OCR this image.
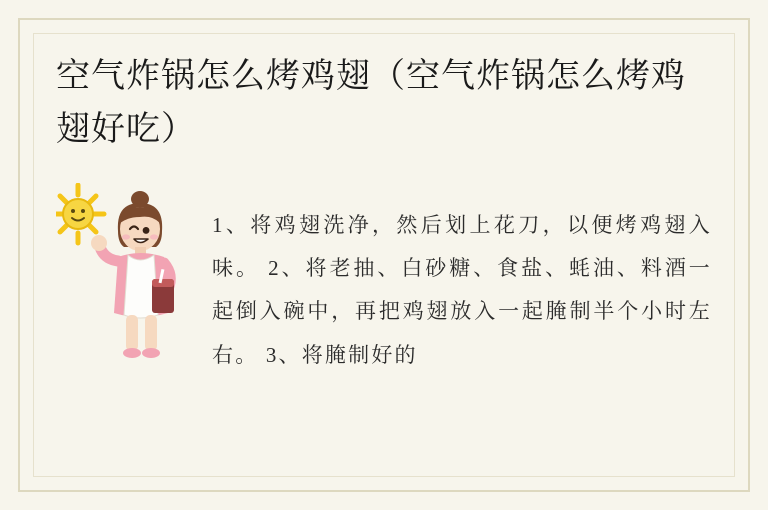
空气炸锅怎么烤鸡翅（空气炸锅怎么烤鸡翅好吃）

1、将鸡翅洗净，然后划上花刀，以便烤鸡翅入味。 2、将老抽、白砂糖、食盐、蚝油、料酒一起倒入碗中，再把鸡翅放入一起腌制半个小时左右。 3、将腌制好的
